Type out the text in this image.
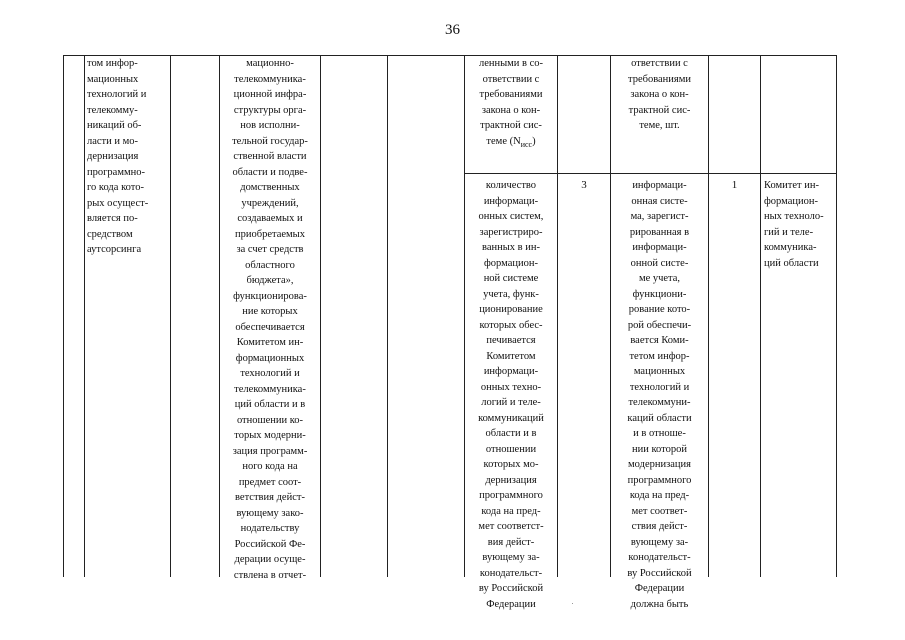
36
том инфор-
мационных
технологий и
телекомму-
никаций об-
ласти и мо-
дернизация
программно-
го кода кото-
рых осущест-
вляется по-
средством
аутсорсинга
мационно-
телекоммуника-
ционной инфра-
структуры орга-
нов исполни-
тельной государ-
ственной власти
области и подве-
домственных
учреждений,
создаваемых и
приобретаемых
за счет средств
областного
бюджета»,
функционирова-
ние которых
обеспечивается
Комитетом ин-
формационных
технологий и
телекоммуника-
ций области и в
отношении ко-
торых модерни-
зация программ-
ного кода на
предмет соот-
ветствия дейст-
вующему зако-
нодательству
Российской Фе-
дерации осуще-
ствлена в отчет-
ленными в со-
ответствии с
требованиями
закона о кон-
трактной сис-
теме $(N_{исс})$
ответствии с
требованиями
закона о кон-
трактной сис-
теме, шт.
количество
информаци-
онных систем,
зарегистриро-
ванных в ин-
формацион-
ной системе
учета, функ-
ционирование
которых обес-
печивается
Комитетом
информаци-
онных техно-
логий и теле-
коммуникаций
области и в
отношении
которых мо-
дернизация
программного
кода на пред-
мет соответст-
вия дейст-
вующему за-
конодательст-
ву Российской
Федерации
3	информаци-
онная систе-
ма, зарегист-
рированная в
информаци-
онной систе-
ме учета,
функциони-
рование кото-
рой обеспечи-
вается Коми-
тетом инфор-
мационных
технологий и
телекоммуни-
каций области
и в отноше-
нии которой
модернизация
программного
кода на пред-
мет соответ-
ствия дейст-
вующему за-
конодательст-
ву Российской
Федерации
должна быть
1	Комитет ин-
формацион-
ных техноло-
гий и теле-
коммуника-
ций области
